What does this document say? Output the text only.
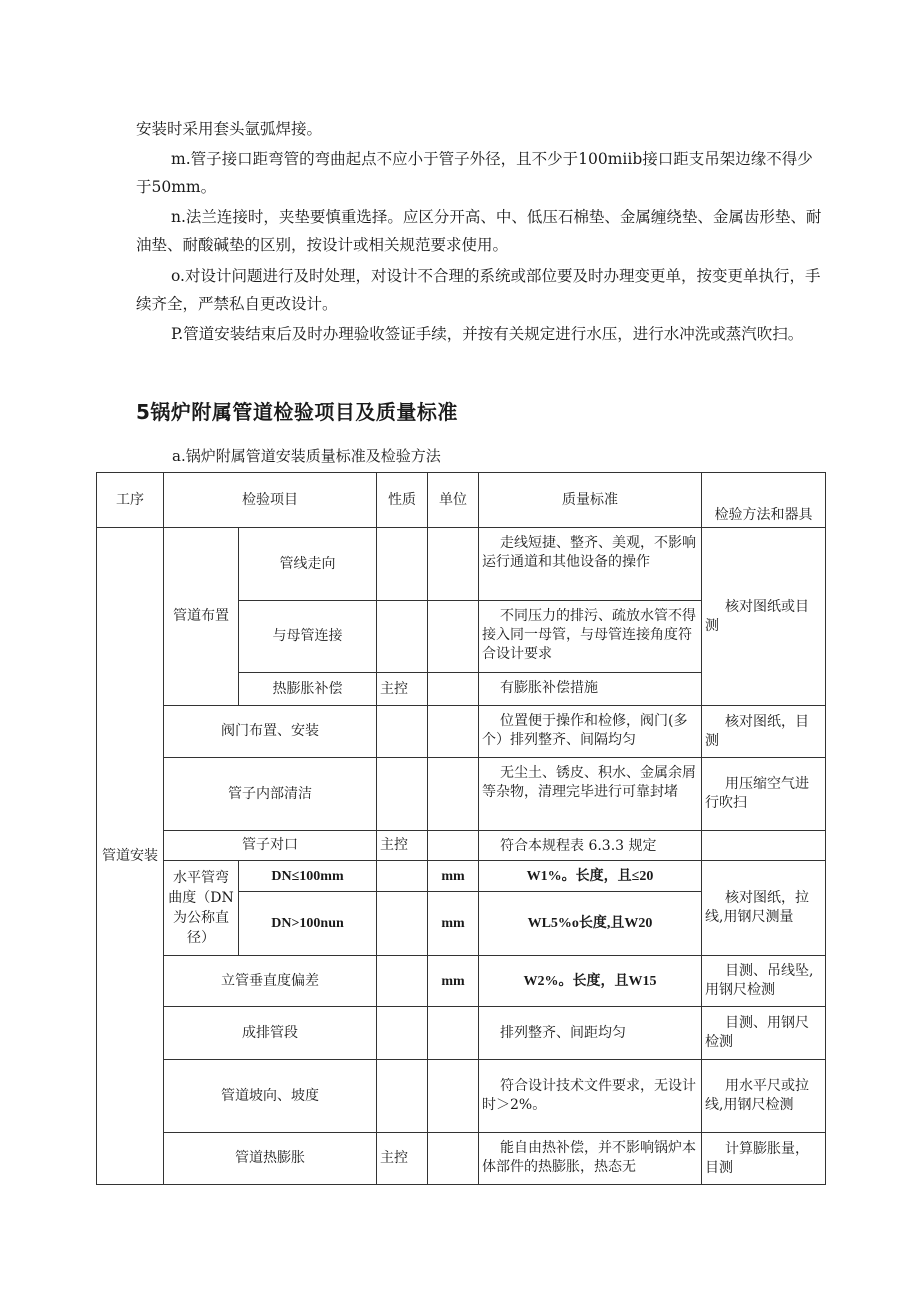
安装时采用套头氩弧焊接。

m.管子接口距弯管的弯曲起点不应小于管子外径，且不少于100miib接口距支吊架边缘不得少于50mm。

n.法兰连接时，夹垫要慎重选择。应区分开高、中、低压石棉垫、金属缠绕垫、金属齿形垫、耐油垫、耐酸碱垫的区别，按设计或相关规范要求使用。

o.对设计问题进行及时处理，对设计不合理的系统或部位要及时办理变更单，按变更单执行，手续齐全，严禁私自更改设计。

P.管道安装结束后及时办理验收签证手续，并按有关规定进行水压，进行水冲洗或蒸汽吹扫。

5锅炉附属管道检验项目及质量标准

a.锅炉附属管道安装质量标准及检验方法

工序	检验项目		性质	单位	质量标准	检验方法和器具
管道安装	管道布置	管线走向			走线短捷、整齐、美观，不影响运行通道和其他设备的操作	核对图纸或目测
		与母管连接			不同压力的排污、疏放水管不得接入同一母管，与母管连接角度符合设计要求	
		热膨胀补偿	主控		有膨胀补偿措施	
	阀门布置、安装				位置便于操作和检修，阀门(多个）排列整齐、间隔均匀	核对图纸，目测
	管子内部清洁				无尘土、锈皮、积水、金属余屑等杂物，清理完毕进行可靠封堵	用压缩空气进行吹扫
	管子对口		主控		符合本规程表 6.3.3 规定	
	水平管弯曲度（DN为公称直径）	DN≤100mm		mm	W1%。长度，且≤20	核对图纸，拉线,用钢尺测量
		DN>100nun		mm	WL5%o长度,且W20	
	立管垂直度偏差			mm	W2%。长度，且W15	目测、吊线坠,用钢尺检测
	成排管段				排列整齐、间距均匀	目测、用钢尺检测
	管道坡向、坡度				符合设计技术文件要求，无设计时＞2%。	用水平尺或拉线,用钢尺检测
	管道热膨胀		主控		能自由热补偿，并不影响锅炉本体部件的热膨胀，热态无	计算膨胀量，目测
